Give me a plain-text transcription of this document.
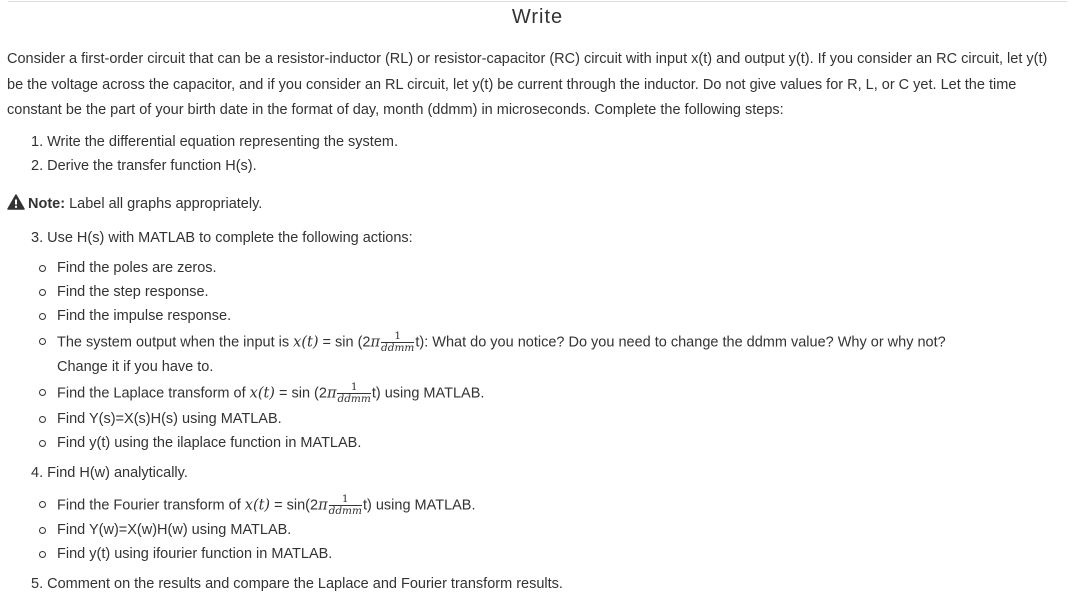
Write
Consider a first-order circuit that can be a resistor-inductor (RL) or resistor-capacitor (RC) circuit with input x(t) and output y(t). If you consider an RC circuit, let y(t) be the voltage across the capacitor, and if you consider an RL circuit, let y(t) be current through the inductor. Do not give values for R, L, or C yet. Let the time constant be the part of your birth date in the format of day, month (ddmm) in microseconds. Complete the following steps:
1. Write the differential equation representing the system.
2. Derive the transfer function H(s).
Note: Label all graphs appropriately.
3. Use H(s) with MATLAB to complete the following actions:
Find the poles are zeros.
Find the step response.
Find the impulse response.
The system output when the input is $x(t) = \sin (2\pi \frac{1}{\text{ddmm}} t)$: What do you notice? Do you need to change the ddmm value? Why or why not?
Change it if you have to.
Find the Laplace transform of $x(t) = \sin (2\pi \frac{1}{\text{ddmm}} t)$ using MATLAB.
Find Y(s)=X(s)H(s) using MATLAB.
Find y(t) using the ilaplace function in MATLAB.
4. Find H(w) analytically.
Find the Fourier transform of $x(t) = \sin(2\pi \frac{1}{\text{ddmm}} t)$ using MATLAB.
Find Y(w)=X(w)H(w) using MATLAB.
Find y(t) using ifourier function in MATLAB.
5. Comment on the results and compare the Laplace and Fourier transform results.
